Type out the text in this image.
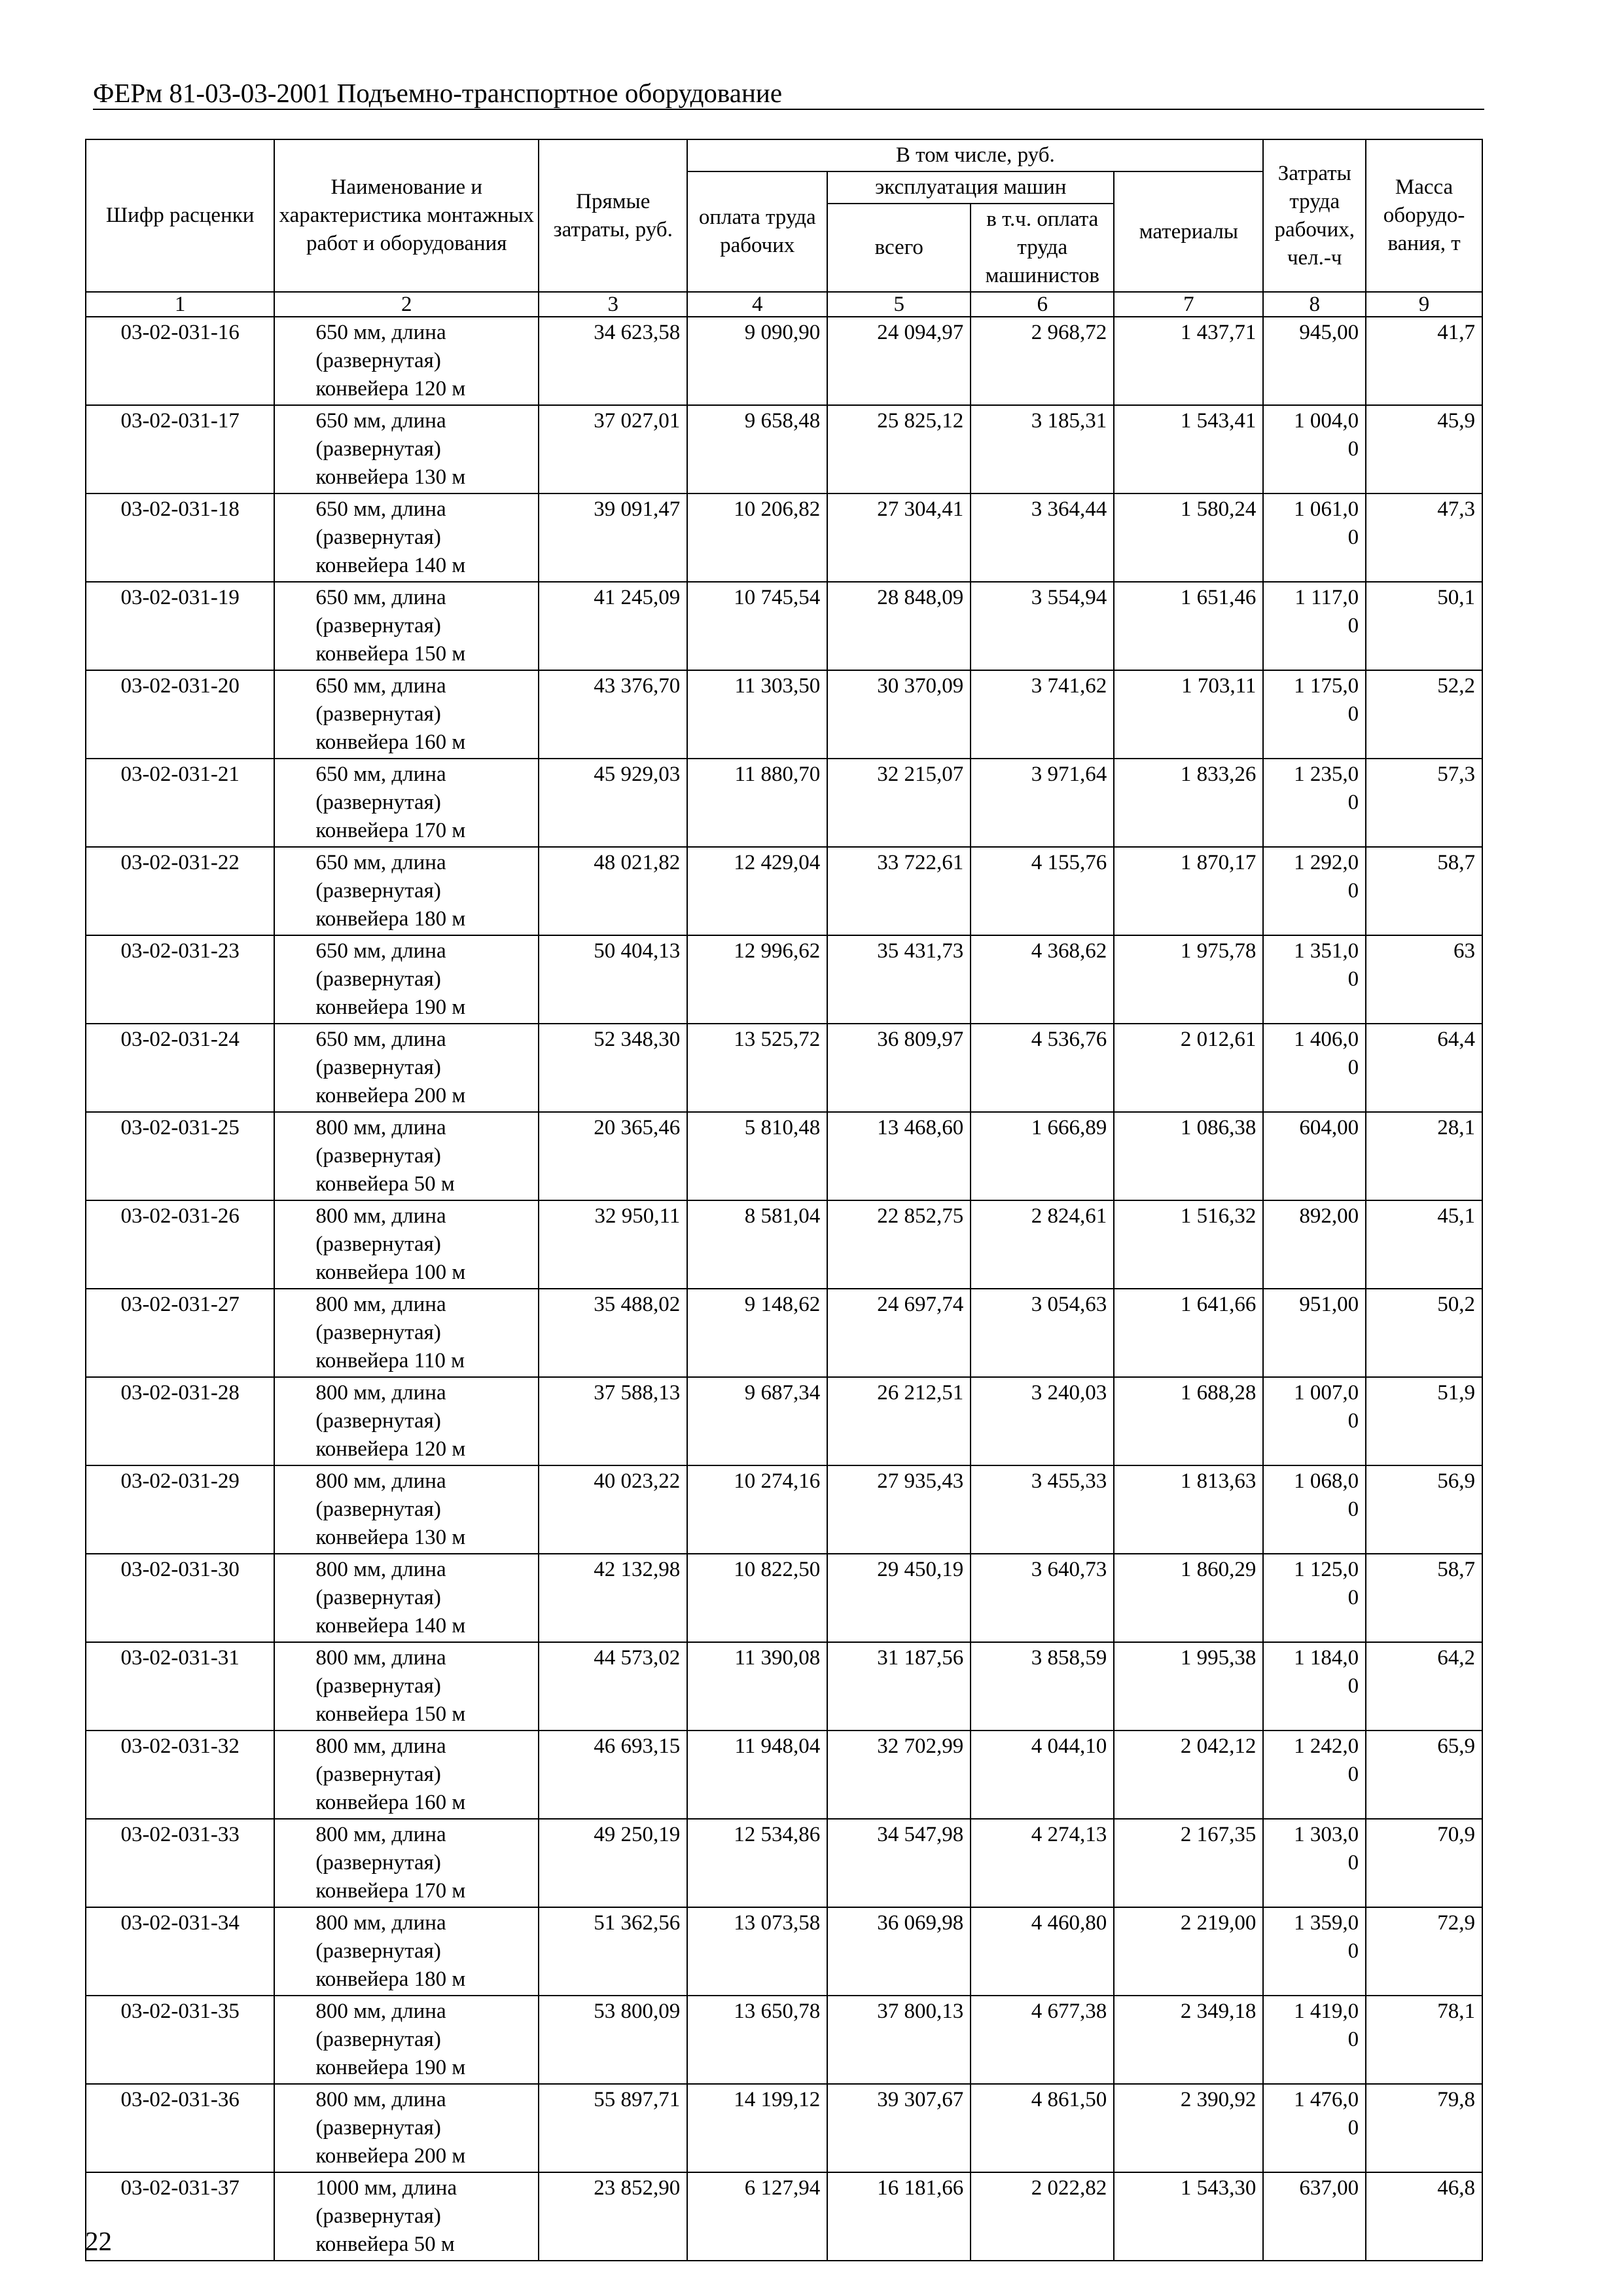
ФЕРм 81-03-03-2001 Подъемно-транспортное оборудование
Шифр расценки	Наименование и характеристика монтажных работ и оборудования	Прямые затраты, руб.	В том числе, руб.				Затраты труда рабочих, чел.-ч	Масса оборудо-вания, т
			оплата труда рабочих	эксплуатация машин		материалы		
				всего	в т.ч. оплата труда машинистов			
1	2	3	4	5	6	7	8	9
03-02-031-16	650 мм, длина
(развернутая)
конвейера 120 м	34 623,58	9 090,90	24 094,97	2 968,72	1 437,71	945,00	41,7
03-02-031-17	650 мм, длина
(развернутая)
конвейера 130 м	37 027,01	9 658,48	25 825,12	3 185,31	1 543,41	1 004,0
0	45,9
03-02-031-18	650 мм, длина
(развернутая)
конвейера 140 м	39 091,47	10 206,82	27 304,41	3 364,44	1 580,24	1 061,0
0	47,3
03-02-031-19	650 мм, длина
(развернутая)
конвейера 150 м	41 245,09	10 745,54	28 848,09	3 554,94	1 651,46	1 117,0
0	50,1
03-02-031-20	650 мм, длина
(развернутая)
конвейера 160 м	43 376,70	11 303,50	30 370,09	3 741,62	1 703,11	1 175,0
0	52,2
03-02-031-21	650 мм, длина
(развернутая)
конвейера 170 м	45 929,03	11 880,70	32 215,07	3 971,64	1 833,26	1 235,0
0	57,3
03-02-031-22	650 мм, длина
(развернутая)
конвейера 180 м	48 021,82	12 429,04	33 722,61	4 155,76	1 870,17	1 292,0
0	58,7
03-02-031-23	650 мм, длина
(развернутая)
конвейера 190 м	50 404,13	12 996,62	35 431,73	4 368,62	1 975,78	1 351,0
0	63
03-02-031-24	650 мм, длина
(развернутая)
конвейера 200 м	52 348,30	13 525,72	36 809,97	4 536,76	2 012,61	1 406,0
0	64,4
03-02-031-25	800 мм, длина
(развернутая)
конвейера 50 м	20 365,46	5 810,48	13 468,60	1 666,89	1 086,38	604,00	28,1
03-02-031-26	800 мм, длина
(развернутая)
конвейера 100 м	32 950,11	8 581,04	22 852,75	2 824,61	1 516,32	892,00	45,1
03-02-031-27	800 мм, длина
(развернутая)
конвейера 110 м	35 488,02	9 148,62	24 697,74	3 054,63	1 641,66	951,00	50,2
03-02-031-28	800 мм, длина
(развернутая)
конвейера 120 м	37 588,13	9 687,34	26 212,51	3 240,03	1 688,28	1 007,0
0	51,9
03-02-031-29	800 мм, длина
(развернутая)
конвейера 130 м	40 023,22	10 274,16	27 935,43	3 455,33	1 813,63	1 068,0
0	56,9
03-02-031-30	800 мм, длина
(развернутая)
конвейера 140 м	42 132,98	10 822,50	29 450,19	3 640,73	1 860,29	1 125,0
0	58,7
03-02-031-31	800 мм, длина
(развернутая)
конвейера 150 м	44 573,02	11 390,08	31 187,56	3 858,59	1 995,38	1 184,0
0	64,2
03-02-031-32	800 мм, длина
(развернутая)
конвейера 160 м	46 693,15	11 948,04	32 702,99	4 044,10	2 042,12	1 242,0
0	65,9
03-02-031-33	800 мм, длина
(развернутая)
конвейера 170 м	49 250,19	12 534,86	34 547,98	4 274,13	2 167,35	1 303,0
0	70,9
03-02-031-34	800 мм, длина
(развернутая)
конвейера 180 м	51 362,56	13 073,58	36 069,98	4 460,80	2 219,00	1 359,0
0	72,9
03-02-031-35	800 мм, длина
(развернутая)
конвейера 190 м	53 800,09	13 650,78	37 800,13	4 677,38	2 349,18	1 419,0
0	78,1
03-02-031-36	800 мм, длина
(развернутая)
конвейера 200 м	55 897,71	14 199,12	39 307,67	4 861,50	2 390,92	1 476,0
0	79,8
03-02-031-37	1000 мм, длина
(развернутая)
конвейера 50 м	23 852,90	6 127,94	16 181,66	2 022,82	1 543,30	637,00	46,8
22
